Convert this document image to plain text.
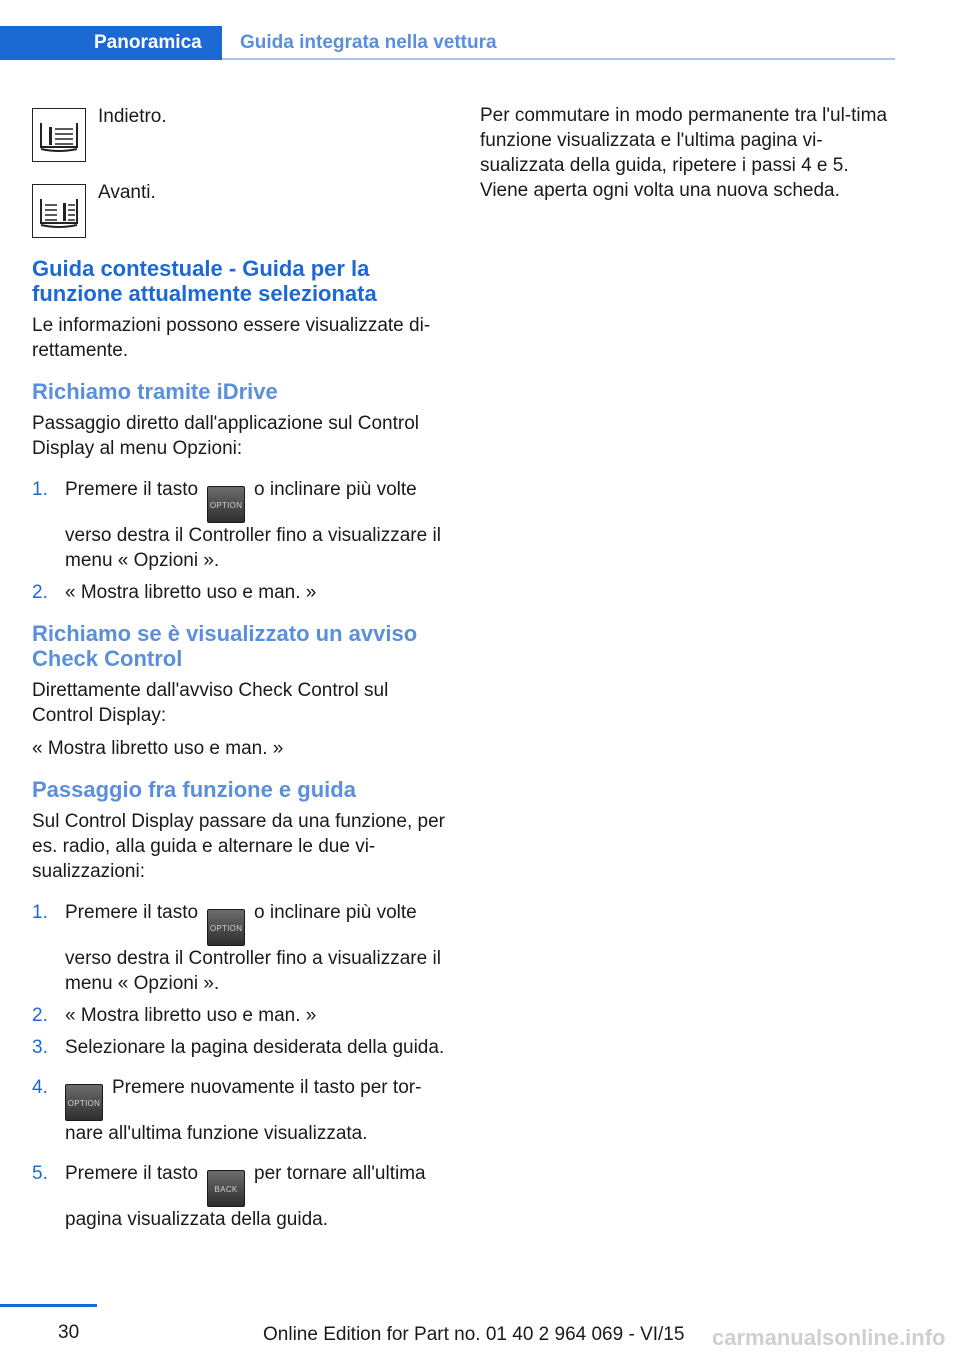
Panoramica Guida integrata nella vettura
Indietro.
Avanti.
Guida contestuale - Guida per la funzione attualmente selezionata

Le informazioni possono essere visualizzate di-rettamente.

Richiamo tramite iDrive

Passaggio diretto dall'applicazione sul Control Display al menu Opzioni:

1. Premere il tastoOPTIONo inclinare più volte verso destra il Controller fino a visualizzare il menu « Opzioni ».
2. « Mostra libretto uso e man. »
Richiamo se è visualizzato un avviso Check Control

Direttamente dall'avviso Check Control sul Control Display:

« Mostra libretto uso e man. »

Passaggio fra funzione e guida

Sul Control Display passare da una funzione, per es. radio, alla guida e alternare le due vi-sualizzazioni:

1. Premere il tastoOPTIONo inclinare più volte verso destra il Controller fino a visualizzare il menu « Opzioni ».
2. « Mostra libretto uso e man. »
3. Selezionare la pagina desiderata della guida.
4.
OPTIONPremere nuovamente il tasto per tor-nare all'ultima funzione visualizzata.
5. Premere il tastoBACKper tornare all'ultima pagina visualizzata della guida.

Per commutare in modo permanente tra l'ul-tima funzione visualizzata e l'ultima pagina vi-sualizzata della guida, ripetere i passi 4 e 5. Viene aperta ogni volta una nuova scheda.

30	Online Edition for Part no. 01 40 2 964 069 - VI/15 carmanualsonline.info
